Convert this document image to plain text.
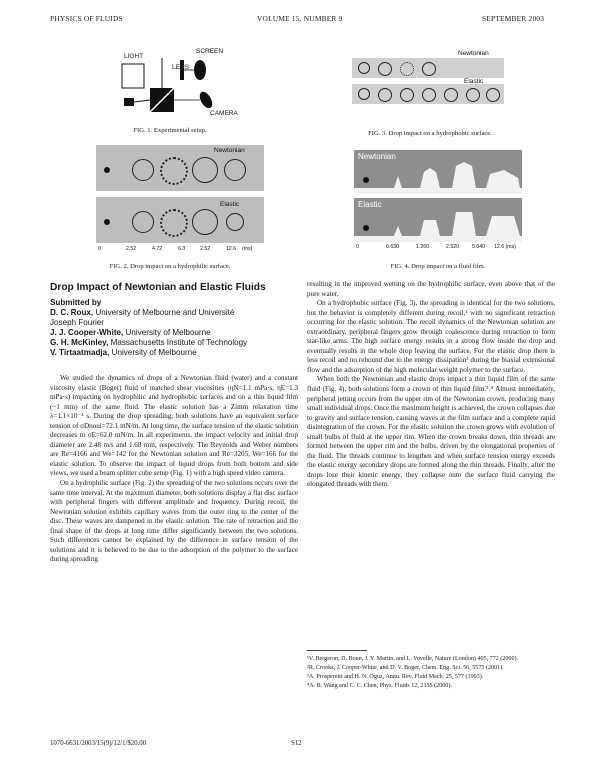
PHYSICS OF FLUIDS	VOLUME 15, NUMBER 9	SEPTEMBER 2003
LIGHT
SCREEN
LENS
CAMERA
FIG. 1. Experimental setup.
Newtonian
Elastic
0	2.52	4.72	6.3	2.52	12.6 (ms)
FIG. 2. Drop impact on a hydrophilic surface.
Newtonian
Elastic
FIG. 3. Drop impact on a hydrophobic surface.
Newtonian
Elastic
0	0.630	1.260	2.520	5.040 12.6 (ms)
FIG. 4. Drop impact on a fluid film.
Drop Impact of Newtonian and Elastic Fluids
Submitted by
D. C. Roux, University of Melbourne and Université
Joseph Fourier
J. J. Cooper-White, University of Melbourne
G. H. McKinley, Massachusetts Institute of Technology
V. Tirtaatmadja, University of Melbourne

We studied the dynamics of drops of a Newtonian fluid (water) and a constant viscosity elastic (Boger) fluid of matched shear viscosities (ηN=1.1 mPa·s, ηE=1.3 mPa·s) impacting on hydrophilic and hydrophobic surfaces and on a thin liquid film (~1 mm) of the same fluid. The elastic solution has a Zimm relaxation time λ=1.1×10⁻⁴ s. During the drop spreading, both solutions have an equivalent surface tension of σDnoui=72.1 mN/m. At long time, the surface tension of the elastic solution decreases to σE=62.0 mN/m. In all experiments, the impact velocity and initial drop diameter are 2.48 m/s and 1.68 mm, respectively. The Reynolds and Weber numbers are Re=4166 and We=142 for the Newtonian solution and Re=3205, We=166 for the elastic solution. To observe the impact of liquid drops from both bottom and side views, we used a beam splitter cube setup (Fig. 1) with a high speed video camera.

On a hydrophilic surface (Fig. 2) the spreading of the two solutions occurs over the same time interval. At the maximum diameter, both solutions display a flat disc surface with peripheral fingers with different amplitude and frequency. During recoil, the Newtonian solution exhibits capillary waves from the outer ring to the center of the disc. These waves are dampened in the elastic solution. The rate of retraction and the final shape of the drops at long time differ significantly between the two solutions. Such differences cannot be explained by the difference in surface tension of the solutions and it is believed to be due to the adsorption of the polymer to the surface during spreading

resulting in the improved wetting on the hydrophilic surface, even above that of the pure water.

On a hydrophobic surface (Fig. 3), the spreading is identical for the two solutions, but the behavior is completely different during recoil,¹ with no significant retraction occurring for the elastic solution. The recoil dynamics of the Newtonian solution are extraordinary, peripheral fingers grow through coalescence during retraction to form star-like arms. The high surface energy results in a strong flow inside the drop and eventually results in the whole drop leaving the surface. For the elastic drop there is less recoil and no rebound due to the energy dissipation² during the biaxial extensional flow and the adsorption of the high molecular weight polymer to the surface.

When both the Newtonian and elastic drops impact a thin liquid film of the same fluid (Fig. 4), both solutions form a crown of thin liquid film.³˒⁴ Almost immediately, peripheral jetting occurs from the upper rim of the Newtonian crown, producing many small individual drops. Once the maximum height is achieved, the crown collapses due to gravity and surface tension, causing waves at the film surface and a complete rapid disintegration of the crown. For the elastic solution the crown grows with evolution of small bulbs of fluid at the upper rim. When the crown breaks down, thin threads are formed between the upper rim and the bulbs, driven by the elongational properties of the fluid. The threads continue to lengthen and when surface tension energy exceeds the elastic energy secondary drops are formed along the thin threads. Finally, after the drops lose their kinetic energy, they collapse onto the surface fluid carrying the elongated threads with them.

¹V. Bergeron, D. Bonn, J. Y. Martin, and L. Vovelle, Nature (London) 405, 772 (2000).
²R. Crooks, J. Cooper-White, and D. V. Boger, Chem. Eng. Sci. 56, 5575 (2001).
³A. Prosperetti and H. N. Oguz, Annu. Rev. Fluid Mech. 25, 577 (1993).
⁴A. B. Wang and C. C. Chen, Phys. Fluids 12, 2155 (2000).
1070-6631/2003/15(9)/12/1/$20.00	S12
